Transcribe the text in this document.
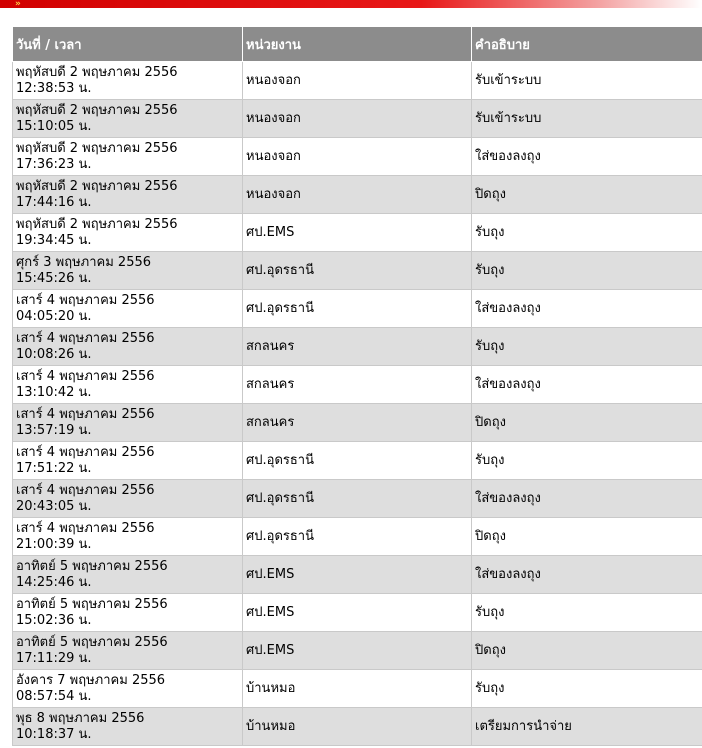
»
วันที่ / เวลา	หน่วยงาน	คำอธิบาย
พฤหัสบดี 2 พฤษภาคม 2556
12:38:53 น.	หนองจอก	รับเข้าระบบ
พฤหัสบดี 2 พฤษภาคม 2556
15:10:05 น.	หนองจอก	รับเข้าระบบ
พฤหัสบดี 2 พฤษภาคม 2556
17:36:23 น.	หนองจอก	ใส่ของลงถุง
พฤหัสบดี 2 พฤษภาคม 2556
17:44:16 น.	หนองจอก	ปิดถุง
พฤหัสบดี 2 พฤษภาคม 2556
19:34:45 น.	ศป.EMS	รับถุง
ศุกร์ 3 พฤษภาคม 2556
15:45:26 น.	ศป.อุดรธานี	รับถุง
เสาร์ 4 พฤษภาคม 2556
04:05:20 น.	ศป.อุดรธานี	ใส่ของลงถุง
เสาร์ 4 พฤษภาคม 2556
10:08:26 น.	สกลนคร	รับถุง
เสาร์ 4 พฤษภาคม 2556
13:10:42 น.	สกลนคร	ใส่ของลงถุง
เสาร์ 4 พฤษภาคม 2556
13:57:19 น.	สกลนคร	ปิดถุง
เสาร์ 4 พฤษภาคม 2556
17:51:22 น.	ศป.อุดรธานี	รับถุง
เสาร์ 4 พฤษภาคม 2556
20:43:05 น.	ศป.อุดรธานี	ใส่ของลงถุง
เสาร์ 4 พฤษภาคม 2556
21:00:39 น.	ศป.อุดรธานี	ปิดถุง
อาทิตย์ 5 พฤษภาคม 2556
14:25:46 น.	ศป.EMS	ใส่ของลงถุง
อาทิตย์ 5 พฤษภาคม 2556
15:02:36 น.	ศป.EMS	รับถุง
อาทิตย์ 5 พฤษภาคม 2556
17:11:29 น.	ศป.EMS	ปิดถุง
อังคาร 7 พฤษภาคม 2556
08:57:54 น.	บ้านหมอ	รับถุง
พุธ 8 พฤษภาคม 2556
10:18:37 น.	บ้านหมอ	เตรียมการนำจ่าย
